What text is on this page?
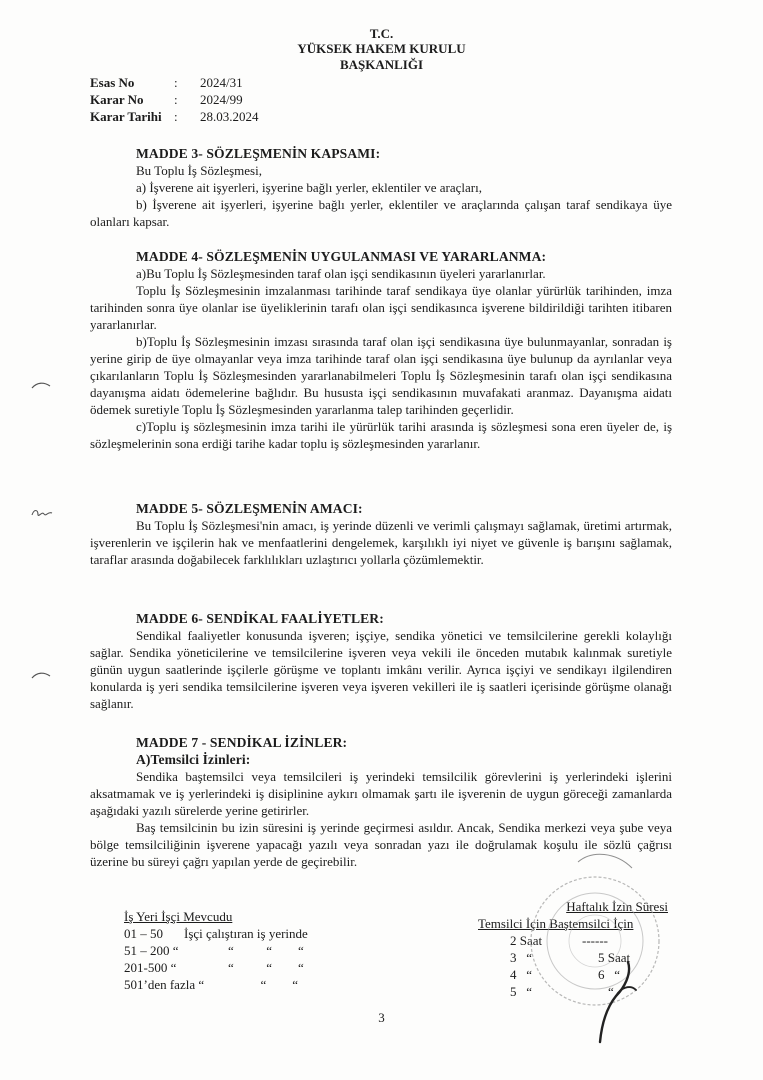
T.C.
YÜKSEK HAKEM KURULU
BAŞKANLIĞI
Esas No	:	2024/31
Karar No	:	2024/99
Karar Tarihi :	28.03.2024
MADDE 3- SÖZLEŞMENİN KAPSAMI:
Bu Toplu İş Sözleşmesi,
a) İşverene ait işyerleri, işyerine bağlı yerler, eklentiler ve araçları,
b) İşverene ait işyerleri, işyerine bağlı yerler, eklentiler ve araçlarında çalışan taraf sendikaya üye olanları kapsar.
MADDE 4- SÖZLEŞMENİN UYGULANMASI VE YARARLANMA:
a)Bu Toplu İş Sözleşmesinden taraf olan işçi sendikasının üyeleri yararlanırlar.
Toplu İş Sözleşmesinin imzalanması tarihinde taraf sendikaya üye olanlar yürürlük tarihinden, imza tarihinden sonra üye olanlar ise üyeliklerinin tarafı olan işçi sendikasınca işverene bildirildiği tarihten itibaren yararlanırlar.
b)Toplu İş Sözleşmesinin imzası sırasında taraf olan işçi sendikasına üye bulunmayanlar, sonradan iş yerine girip de üye olmayanlar veya imza tarihinde taraf olan işçi sendikasına üye bulunup da ayrılanlar veya çıkarılanların Toplu İş Sözleşmesinden yararlanabilmeleri Toplu İş Sözleşmesinin tarafı olan işçi sendikasına dayanışma aidatı ödemelerine bağlıdır. Bu hususta işçi sendikasının muvafakati aranmaz. Dayanışma aidatı ödemek suretiyle Toplu İş Sözleşmesinden yararlanma talep tarihinden geçerlidir.
c)Toplu iş sözleşmesinin imza tarihi ile yürürlük tarihi arasında iş sözleşmesi sona eren üyeler de, iş sözleşmelerinin sona erdiği tarihe kadar toplu iş sözleşmesinden yararlanır.
MADDE 5- SÖZLEŞMENİN AMACI:
Bu Toplu İş Sözleşmesi'nin amacı, iş yerinde düzenli ve verimli çalışmayı sağlamak, üretimi artırmak, işverenlerin ve işçilerin hak ve menfaatlerini dengelemek, karşılıklı iyi niyet ve güvenle iş barışını sağlamak, taraflar arasında doğabilecek farklılıkları uzlaştırıcı yollarla çözümlemektir.
MADDE 6- SENDİKAL FAALİYETLER:
Sendikal faaliyetler konusunda işveren; işçiye, sendika yönetici ve temsilcilerine gerekli kolaylığı sağlar. Sendika yöneticilerine ve temsilcilerine işveren veya vekili ile önceden mutabık kalınmak suretiyle günün uygun saatlerinde işçilerle görüşme ve toplantı imkânı verilir. Ayrıca işçiyi ve sendikayı ilgilendiren konularda iş yeri sendika temsilcilerine işveren veya işveren vekilleri ile iş saatleri içerisinde görüşme olanağı sağlanır.
MADDE 7 - SENDİKAL İZİNLER:
A)Temsilci İzinleri:
Sendika baştemsilci veya temsilcileri iş yerindeki temsilcilik görevlerini iş yerlerindeki işlerini aksatmamak ve iş yerlerindeki iş disiplinine aykırı olmamak şartı ile işverenin de uygun göreceği zamanlarda aşağıdaki yazılı sürelerde yerine getirirler.
Baş temsilcinin bu izin süresini iş yerinde geçirmesi asıldır. Ancak, Sendika merkezi veya şube veya bölge temsilciliğinin işverene yapacağı yazılı veya sonradan yazı ile doğrulamak koşulu ile sözlü çağrısı üzerine bu süreyi çağrı yapılan yerde de geçirebilir.
İş Yeri İşçi Mevcudu
01 – 50	İşçi çalıştıran iş yerinde
51 – 200 “	“          “        “
201-500 “	“          “        “
501’den fazla “	“        “
Haftalık İzin Süresi
Temsilci İçin Baştemsilci İçin
2 Saat	------
3   “	5 Saat
4   “	6   “
5   “	“
3
